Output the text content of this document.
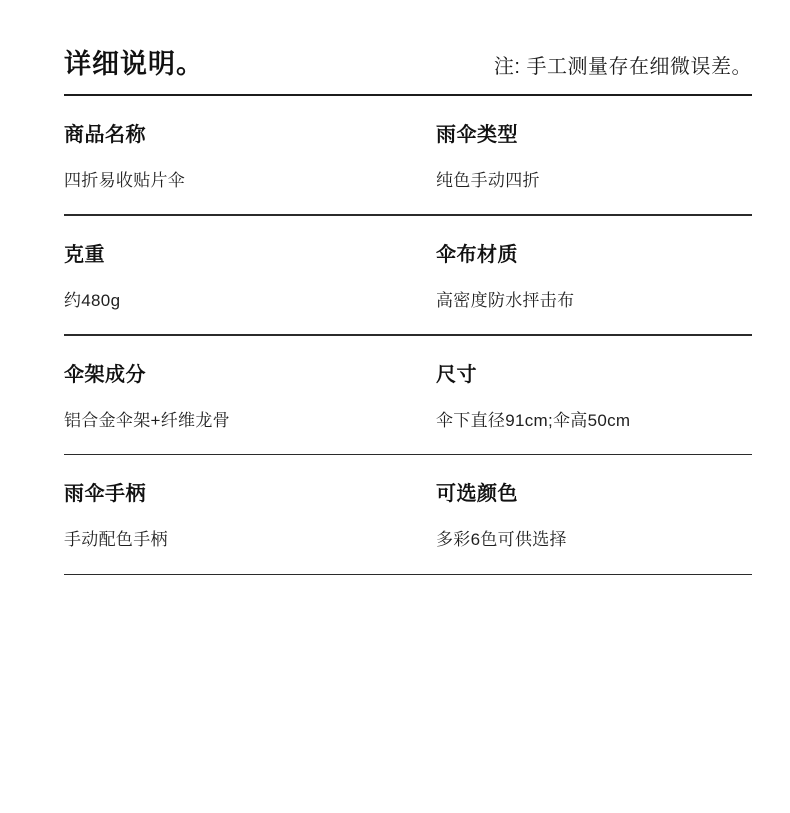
详细说明。	注: 手工测量存在细微误差。
商品名称
四折易收贴片伞
雨伞类型
纯色手动四折
克重
约480g
伞布材质
高密度防水抨击布
伞架成分
铝合金伞架+纤维龙骨
尺寸
伞下直径91cm;伞高50cm
雨伞手柄
手动配色手柄
可选颜色
多彩6色可供选择
